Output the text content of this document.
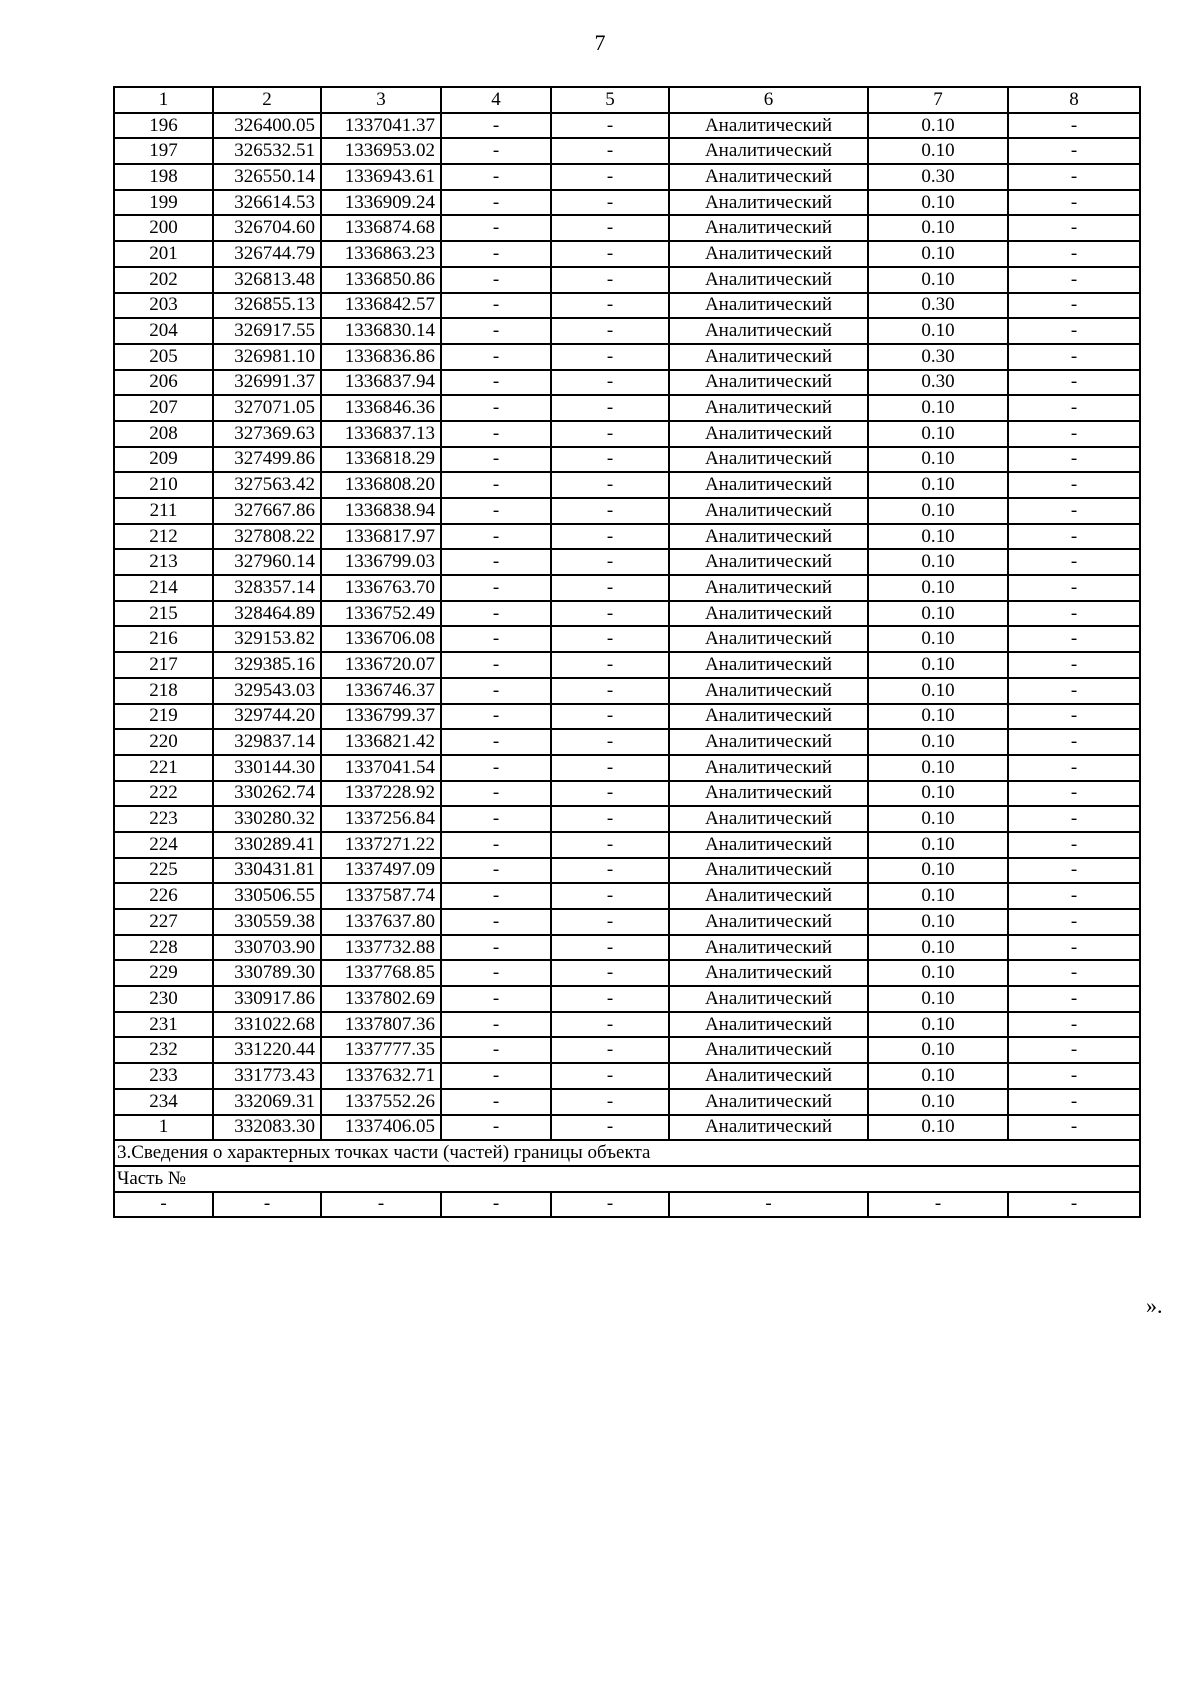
7
1	2	3	4	5	6	7	8
196	326400.05	1337041.37	-	-	Аналитический	0.10	-
197	326532.51	1336953.02	-	-	Аналитический	0.10	-
198	326550.14	1336943.61	-	-	Аналитический	0.30	-
199	326614.53	1336909.24	-	-	Аналитический	0.10	-
200	326704.60	1336874.68	-	-	Аналитический	0.10	-
201	326744.79	1336863.23	-	-	Аналитический	0.10	-
202	326813.48	1336850.86	-	-	Аналитический	0.10	-
203	326855.13	1336842.57	-	-	Аналитический	0.30	-
204	326917.55	1336830.14	-	-	Аналитический	0.10	-
205	326981.10	1336836.86	-	-	Аналитический	0.30	-
206	326991.37	1336837.94	-	-	Аналитический	0.30	-
207	327071.05	1336846.36	-	-	Аналитический	0.10	-
208	327369.63	1336837.13	-	-	Аналитический	0.10	-
209	327499.86	1336818.29	-	-	Аналитический	0.10	-
210	327563.42	1336808.20	-	-	Аналитический	0.10	-
211	327667.86	1336838.94	-	-	Аналитический	0.10	-
212	327808.22	1336817.97	-	-	Аналитический	0.10	-
213	327960.14	1336799.03	-	-	Аналитический	0.10	-
214	328357.14	1336763.70	-	-	Аналитический	0.10	-
215	328464.89	1336752.49	-	-	Аналитический	0.10	-
216	329153.82	1336706.08	-	-	Аналитический	0.10	-
217	329385.16	1336720.07	-	-	Аналитический	0.10	-
218	329543.03	1336746.37	-	-	Аналитический	0.10	-
219	329744.20	1336799.37	-	-	Аналитический	0.10	-
220	329837.14	1336821.42	-	-	Аналитический	0.10	-
221	330144.30	1337041.54	-	-	Аналитический	0.10	-
222	330262.74	1337228.92	-	-	Аналитический	0.10	-
223	330280.32	1337256.84	-	-	Аналитический	0.10	-
224	330289.41	1337271.22	-	-	Аналитический	0.10	-
225	330431.81	1337497.09	-	-	Аналитический	0.10	-
226	330506.55	1337587.74	-	-	Аналитический	0.10	-
227	330559.38	1337637.80	-	-	Аналитический	0.10	-
228	330703.90	1337732.88	-	-	Аналитический	0.10	-
229	330789.30	1337768.85	-	-	Аналитический	0.10	-
230	330917.86	1337802.69	-	-	Аналитический	0.10	-
231	331022.68	1337807.36	-	-	Аналитический	0.10	-
232	331220.44	1337777.35	-	-	Аналитический	0.10	-
233	331773.43	1337632.71	-	-	Аналитический	0.10	-
234	332069.31	1337552.26	-	-	Аналитический	0.10	-
1	332083.30	1337406.05	-	-	Аналитический	0.10	-
3.Сведения о характерных точках части (частей) границы объекта							
Часть №							
-	-	-	-	-	-	-	-
».
